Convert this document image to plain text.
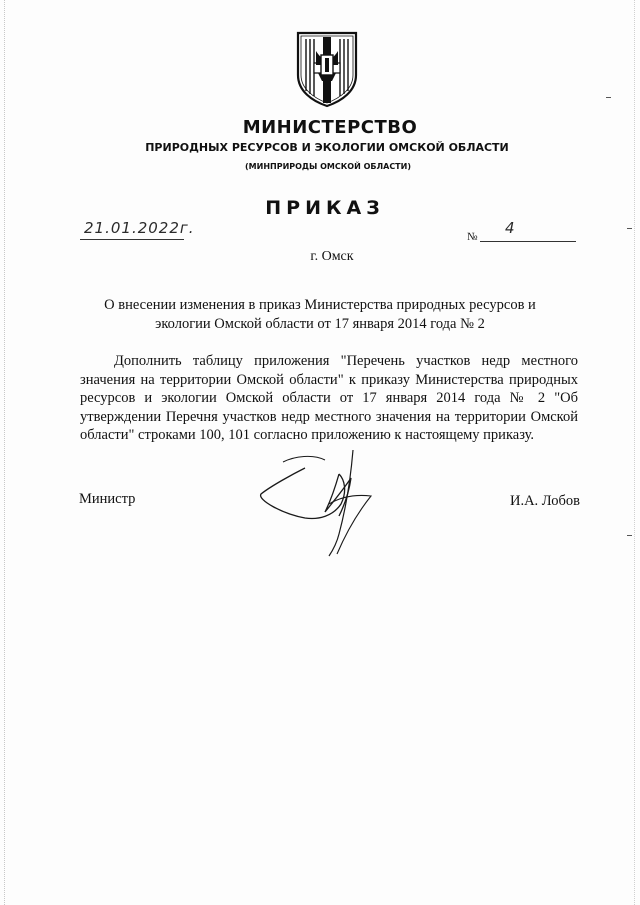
МИНИСТЕРСТВО
ПРИРОДНЫХ РЕСУРСОВ И ЭКОЛОГИИ ОМСКОЙ ОБЛАСТИ
(МИНПРИРОДЫ ОМСКОЙ ОБЛАСТИ)
ПРИКАЗ
21.01.2022г.	№ 4
г. Омск
О внесении изменения в приказ Министерства природных ресурсов и экологии Омской области от 17 января 2014 года № 2
Дополнить таблицу приложения "Перечень участков недр местного значения на территории Омской области" к приказу Министерства природных ресурсов и экологии Омской области от 17 января 2014 года № 2 "Об утверждении Перечня участков недр местного значения на территории Омской области" строками 100, 101 согласно приложению к настоящему приказу.
Министр	И.А. Лобов
